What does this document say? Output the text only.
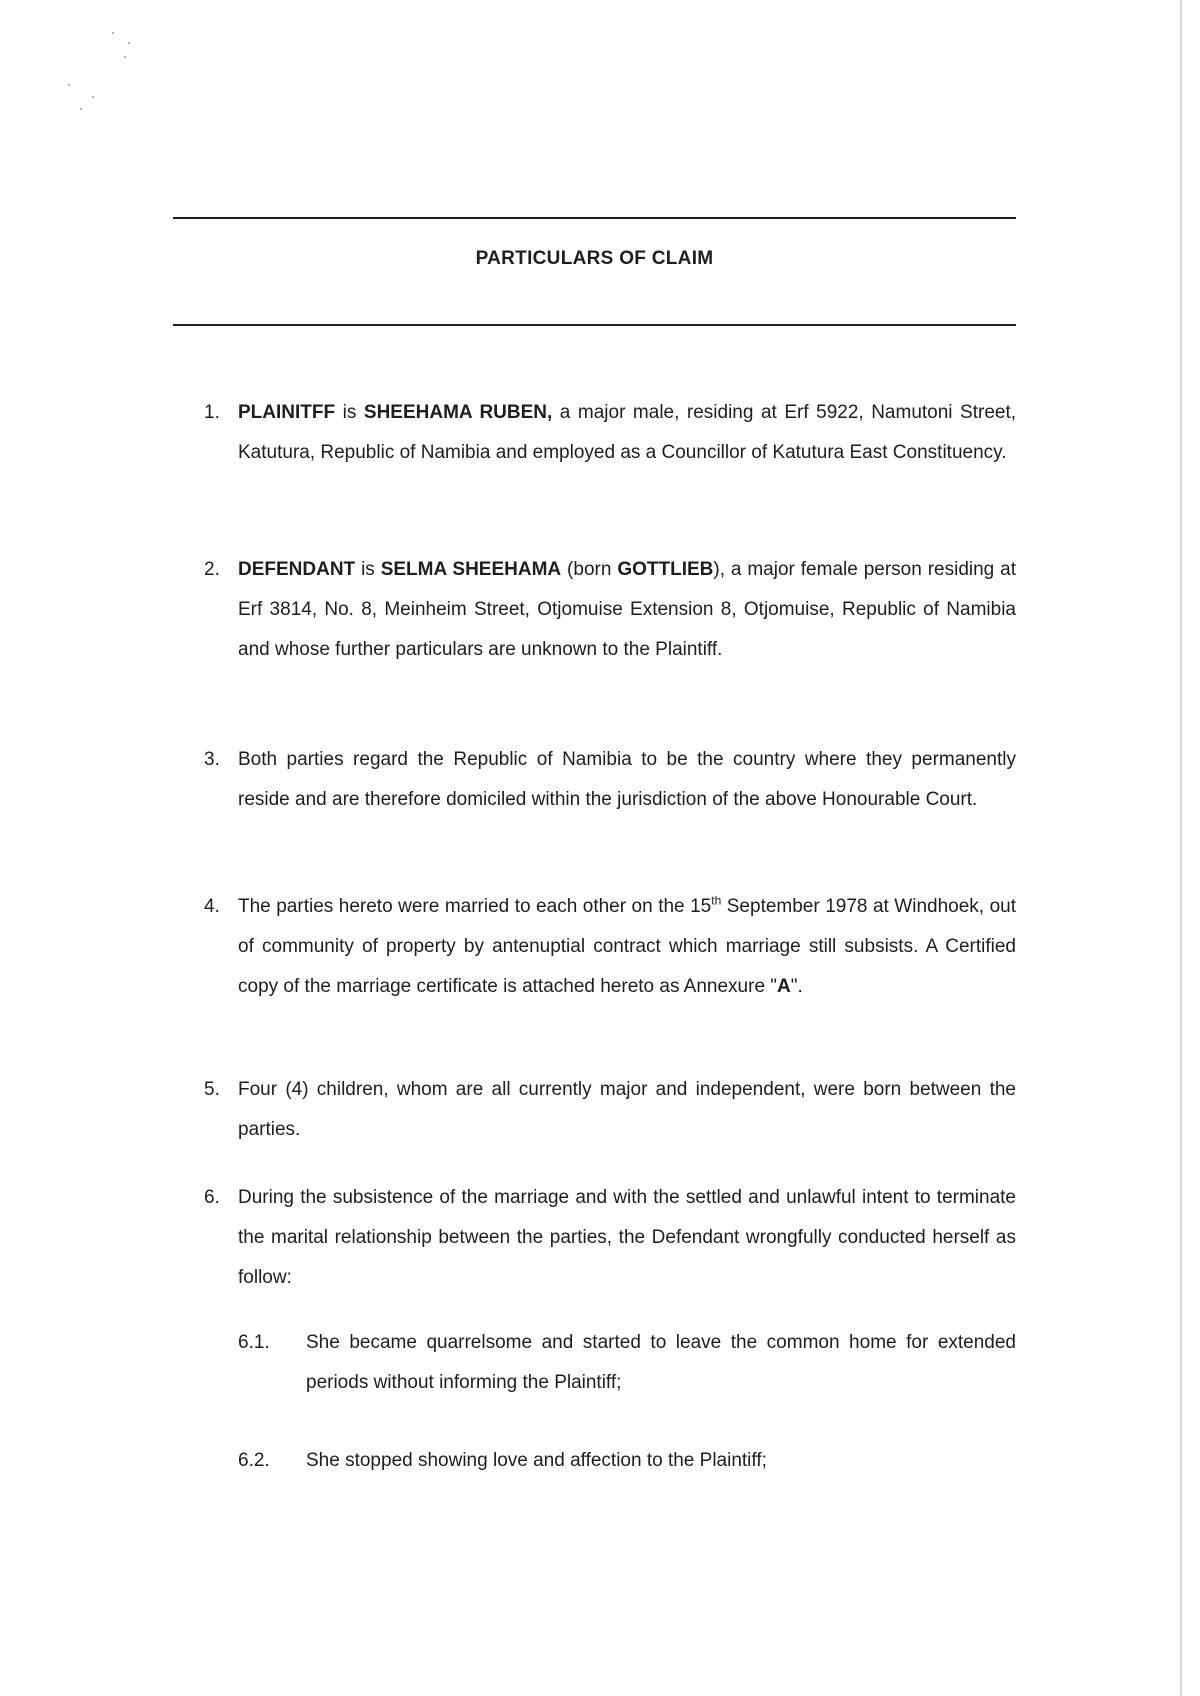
PARTICULARS OF CLAIM
1. PLAINITFF is SHEEHAMA RUBEN, a major male, residing at Erf 5922, Namutoni Street, Katutura, Republic of Namibia and employed as a Councillor of Katutura East Constituency.
2. DEFENDANT is SELMA SHEEHAMA (born GOTTLIEB), a major female person residing at Erf 3814, No. 8, Meinheim Street, Otjomuise Extension 8, Otjomuise, Republic of Namibia and whose further particulars are unknown to the Plaintiff.
3. Both parties regard the Republic of Namibia to be the country where they permanently reside and are therefore domiciled within the jurisdiction of the above Honourable Court.
4. The parties hereto were married to each other on the 15th September 1978 at Windhoek, out of community of property by antenuptial contract which marriage still subsists. A Certified copy of the marriage certificate is attached hereto as Annexure "A".
5. Four (4) children, whom are all currently major and independent, were born between the parties.
6. During the subsistence of the marriage and with the settled and unlawful intent to terminate the marital relationship between the parties, the Defendant wrongfully conducted herself as follow:
6.1.	She became quarrelsome and started to leave the common home for extended periods without informing the Plaintiff;
6.2.	She stopped showing love and affection to the Plaintiff;
